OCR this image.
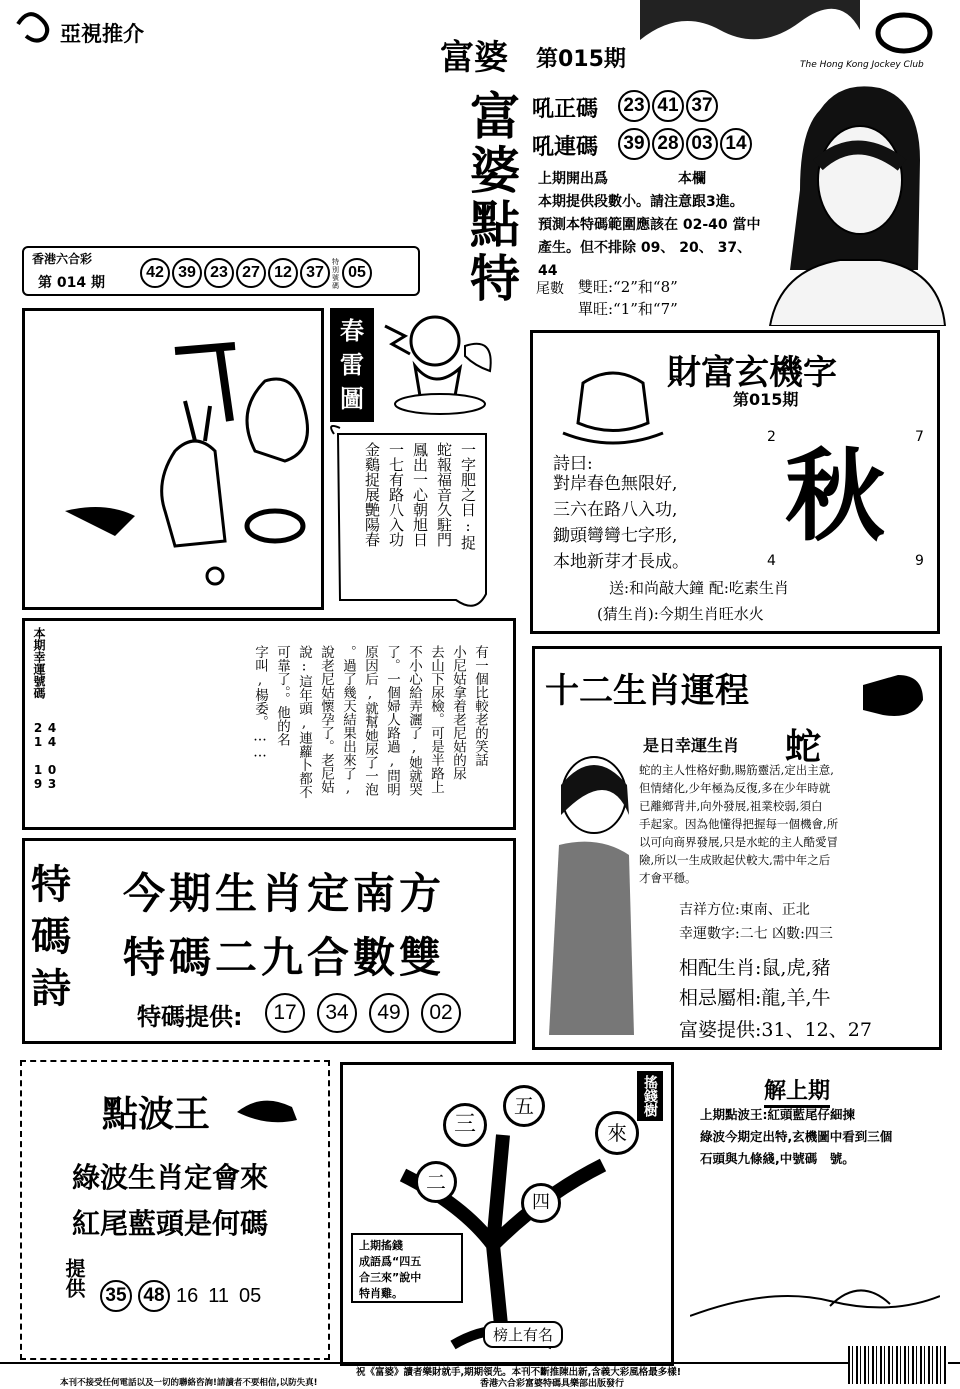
亞視推介
富婆 第015期	The Hong Kong Jockey Club
香港六合彩
第 014 期
42 39 23 27 12 37
特別號碼
05
富
婆
點
特
吼正碼 23 41 37
吼連碼 39 28 03 14
上期開出爲　　　　　本欄
本期提供段數小。請注意跟3進。
預測本特碼範圍應該在 02-40 當中
產生。但不排除 09、 20、 37、
44
尾數 雙旺:“2”和“8”
單旺:“1”和“7”
春
雷
圖
一字肥之日:捉
蛇報福音久駐門
鳳出一心朝旭日
一七有路八入功
金鷄捉展艷陽春
財富玄機字
第015期
2	7
4	9
秋
詩曰:
對岸春色無限好,
三六在路八入功,
鋤頭彎彎七字形,
本地新芽才長成。
送:和尚敲大鐘 配:吃素生肖
(猜生肖):今期生肖旺水火
本期幸運號碼
44 03 21 19	有一個比較老的笑話
小尼姑拿着老尼姑的尿
去山下尿檢。可是半路上
不小心給弄灑了,她就哭
了。一個婦人路過,問明
原因后,就幫她尿了一泡
。過了幾天結果出來了,
說老尼姑懷孕了。老尼姑
說:這年頭,連蘿卜都不
可靠了。。他的名
字叫,楊委。……	十二生肖運程
是日幸運生肖 蛇
蛇的主人性格好動,賜筋靈活,定出主意,
但情緒化,少年極為反復,多在少年時就
已離鄉背井,向外發展,祖業校弱,須白
手起家。因為他懂得把握每一個機會,所
以可向商界發展,只是水蛇的主人酷愛冒
險,所以一生成敗起伏較大,需中年之后
才會平穩。
吉祥方位:東南、正北
幸運數字:二七 凶數:四三
相配生肖:鼠,虎,豬
相忌屬相:龍,羊,牛
富婆提供:31、12、27
特
碼
詩
今期生肖定南方
特碼二九合數雙
特碼提供:	17	34	49	02
點波王
綠波生肖定會來
紅尾藍頭是何碼
提供 35 48 16 11 05
三
五
來
二
四
搖錢樹
上期搖錢
成語爲“四五
合三來”說中
特肖雞。
榜上有名
解上期
上期點波王:紅頭藍尾仔細揀
綠波今期定出特,玄機圖中看到三個
石頭與九條綫,中號碼　號。
祝《富婆》讀者樂財就手,期期領先。本刊不斷推陳出新,含義大彩風格最多樣!
本刊不接受任何電話以及一切的聯絡咨詢!請讀者不要相信,以防失真!	香港六合彩富婆特碼具樂部出版發行
